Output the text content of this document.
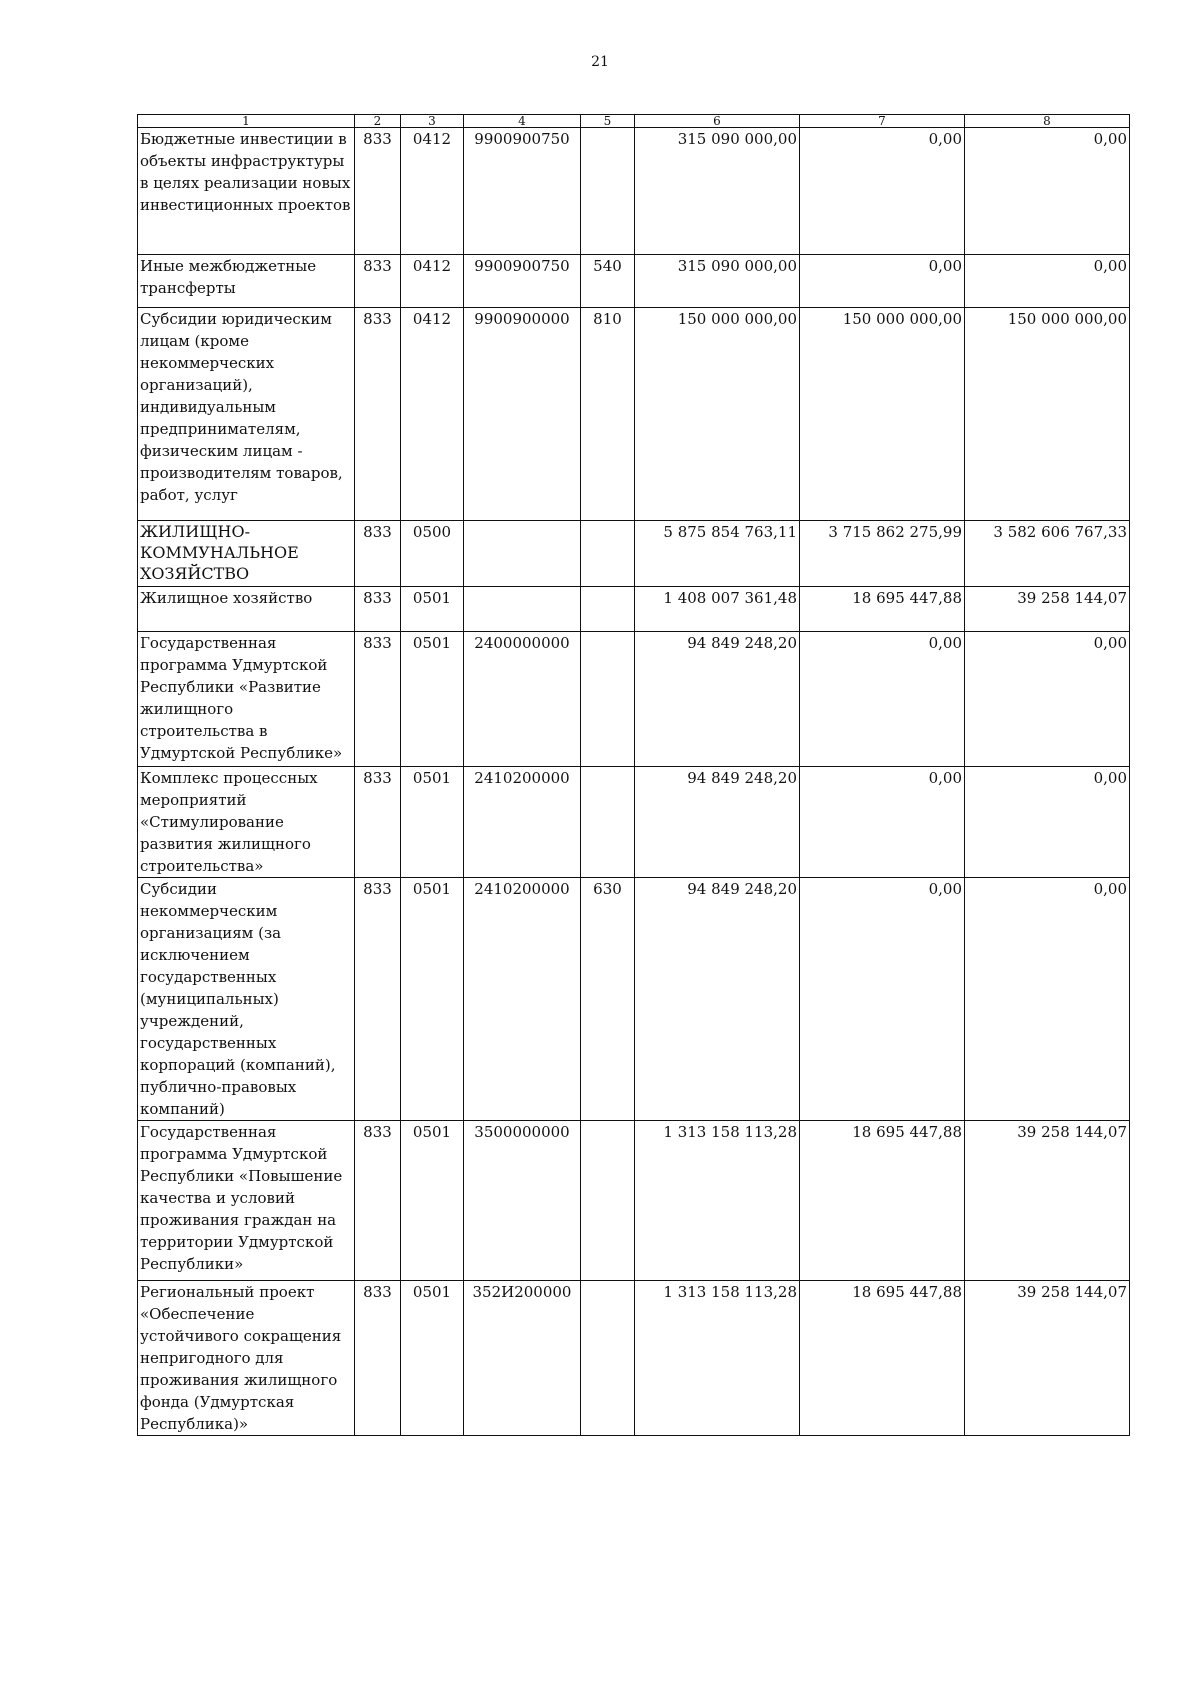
21
1	2	3	4	5	6	7	8
Бюджетные инвестиции в объекты инфраструктуры в целях реализации новых инвестиционных проектов	833	0412	9900900750		315 090 000,00	0,00	0,00
Иные межбюджетные трансферты	833	0412	9900900750	540	315 090 000,00	0,00	0,00
Субсидии юридическим лицам (кроме некоммерческих организаций), индивидуальным предпринимателям, физическим лицам - производителям товаров, работ, услуг	833	0412	9900900000	810	150 000 000,00	150 000 000,00	150 000 000,00
ЖИЛИЩНО-КОММУНАЛЬНОЕ ХОЗЯЙСТВО	833	0500			5 875 854 763,11	3 715 862 275,99	3 582 606 767,33
Жилищное хозяйство	833	0501			1 408 007 361,48	18 695 447,88	39 258 144,07
Государственная программа Удмуртской Республики «Развитие жилищного строительства в Удмуртской Республике»	833	0501	2400000000		94 849 248,20	0,00	0,00
Комплекс процессных мероприятий «Стимулирование развития жилищного строительства»	833	0501	2410200000		94 849 248,20	0,00	0,00
Субсидии некоммерческим организациям (за исключением государственных (муниципальных) учреждений, государственных корпораций (компаний), публично-правовых компаний)	833	0501	2410200000	630	94 849 248,20	0,00	0,00
Государственная программа Удмуртской Республики «Повышение качества и условий проживания граждан на территории Удмуртской Республики»	833	0501	3500000000		1 313 158 113,28	18 695 447,88	39 258 144,07
Региональный проект «Обеспечение устойчивого сокращения непригодного для проживания жилищного фонда (Удмуртская Республика)»	833	0501	352И200000		1 313 158 113,28	18 695 447,88	39 258 144,07
